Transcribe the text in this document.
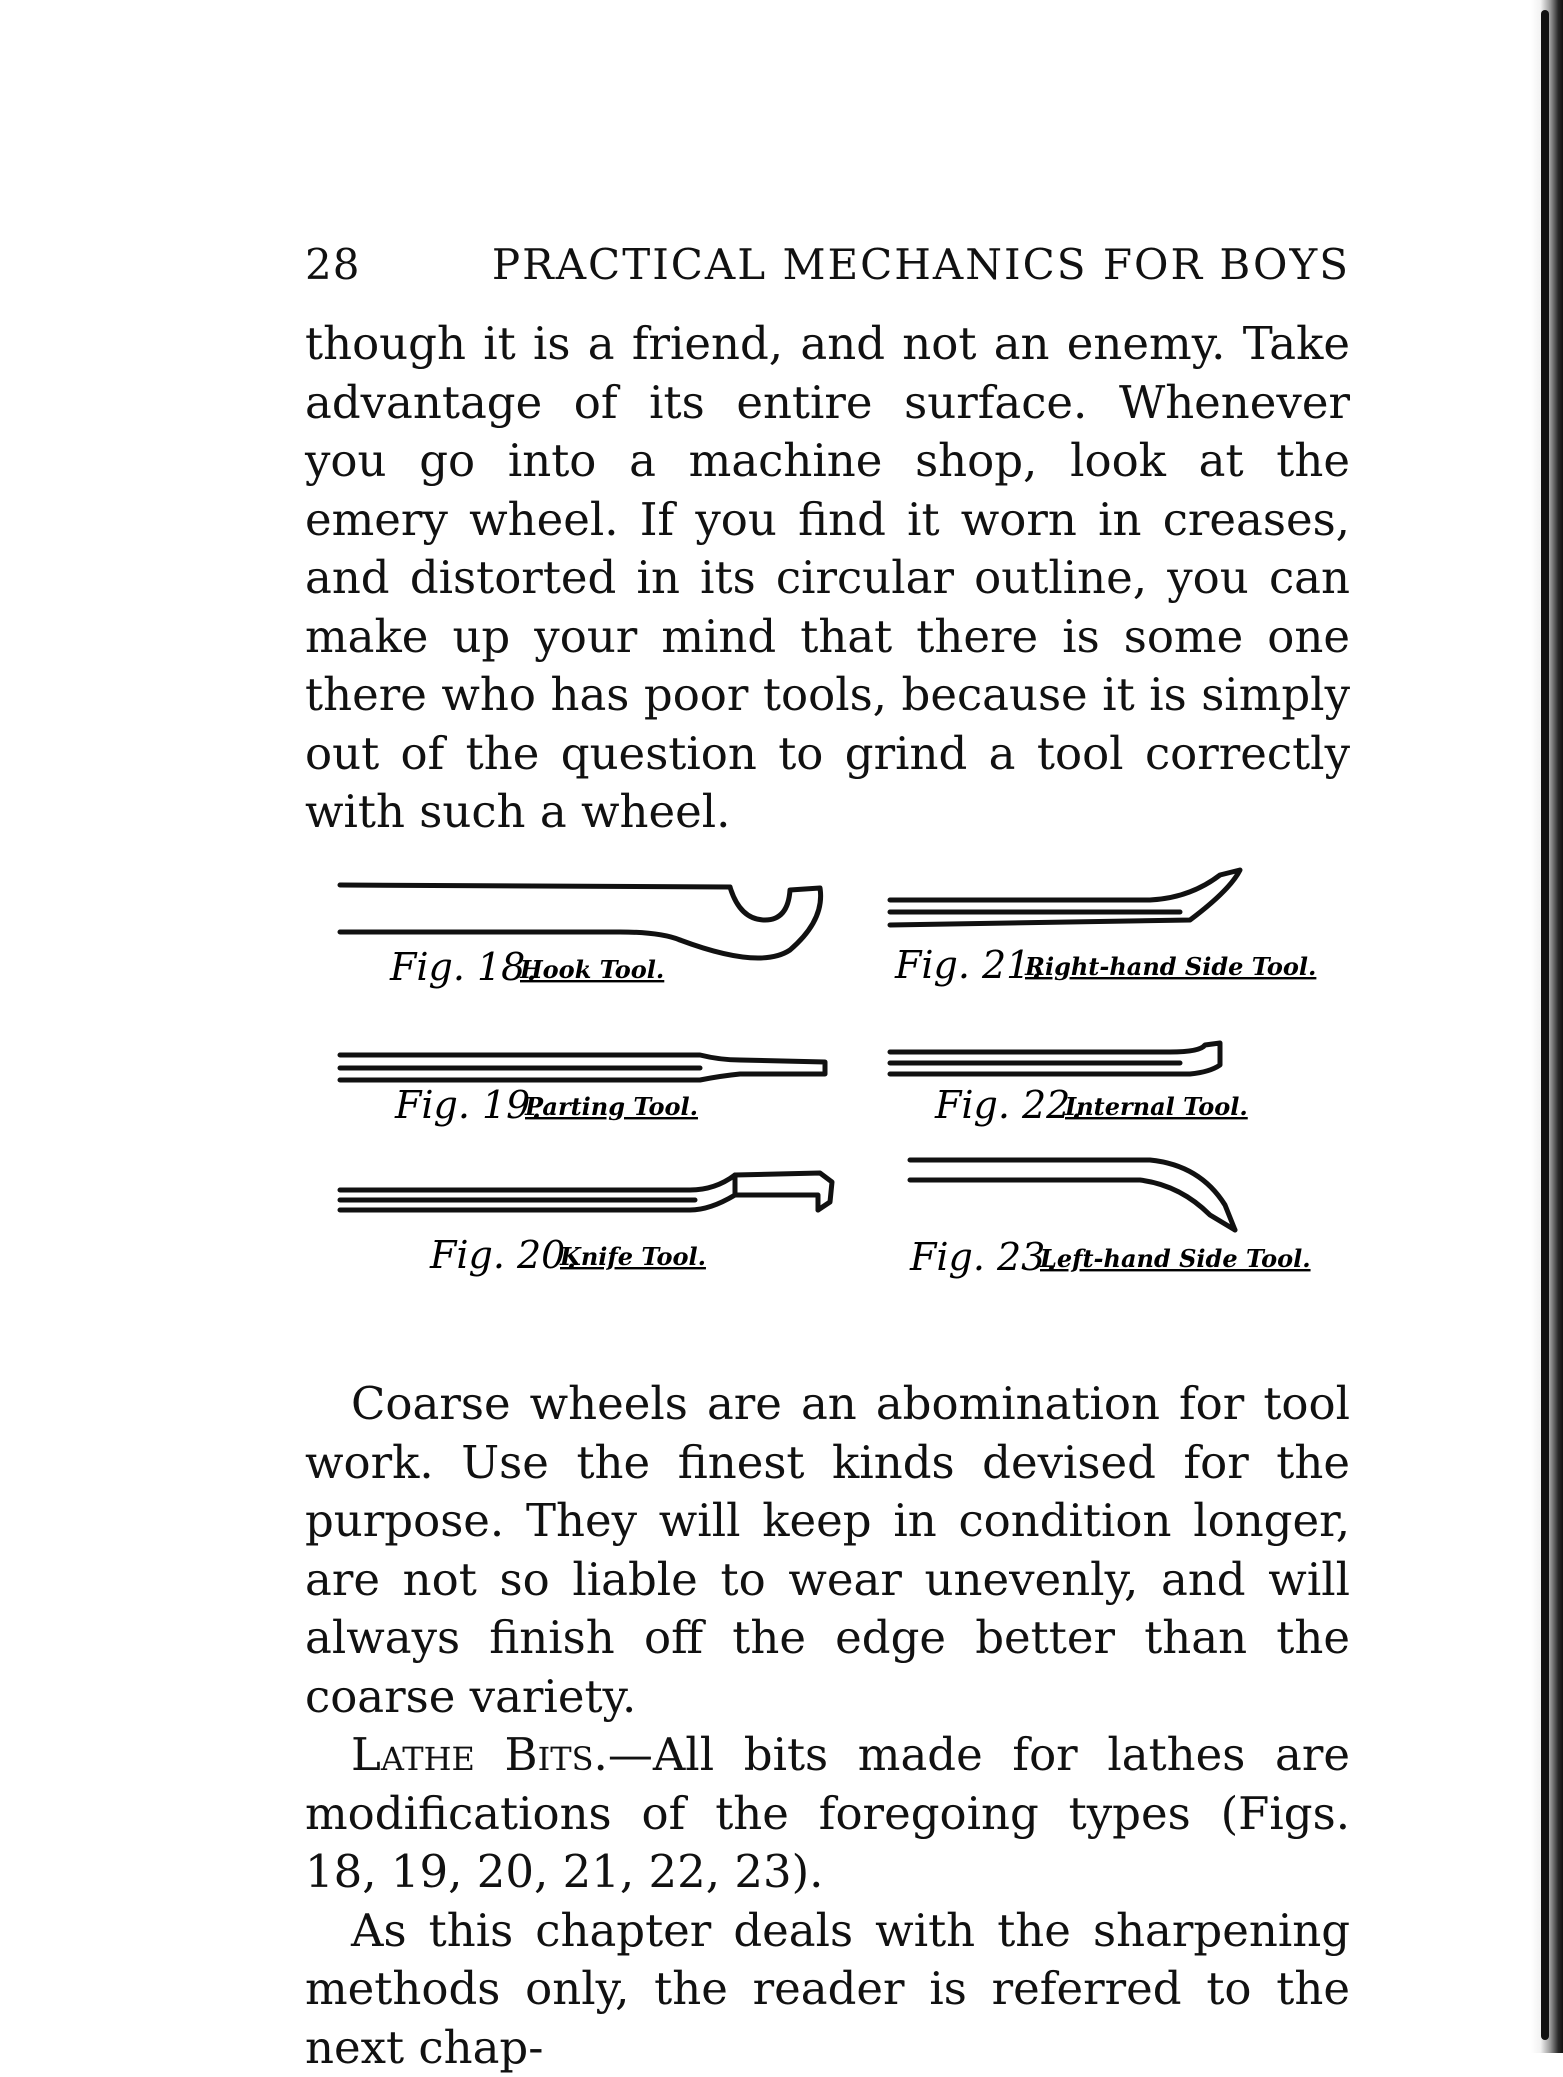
28	PRACTICAL MECHANICS FOR BOYS

though it is a friend, and not an enemy. Take advantage of its entire surface. Whenever you go into a machine shop, look at the emery wheel. If you find it worn in creases, and distorted in its circular outline, you can make up your mind that there is some one there who has poor tools, because it is simply out of the question to grind a tool correctly with such a wheel.

Fig. 18.
Hook Tool.
Fig. 19.
Parting Tool.
Fig. 20.
Knife Tool.
Fig. 21.
Right-hand Side Tool.
Fig. 22.
Internal Tool.
Fig. 23.
Left-hand Side Tool.

Coarse wheels are an abomination for tool work. Use the finest kinds devised for the purpose. They will keep in condition longer, are not so liable to wear unevenly, and will always finish off the edge better than the coarse variety.

Lathe Bits.—All bits made for lathes are modifications of the foregoing types (Figs. 18, 19, 20, 21, 22, 23).

As this chapter deals with the sharpening methods only, the reader is referred to the next chap-
